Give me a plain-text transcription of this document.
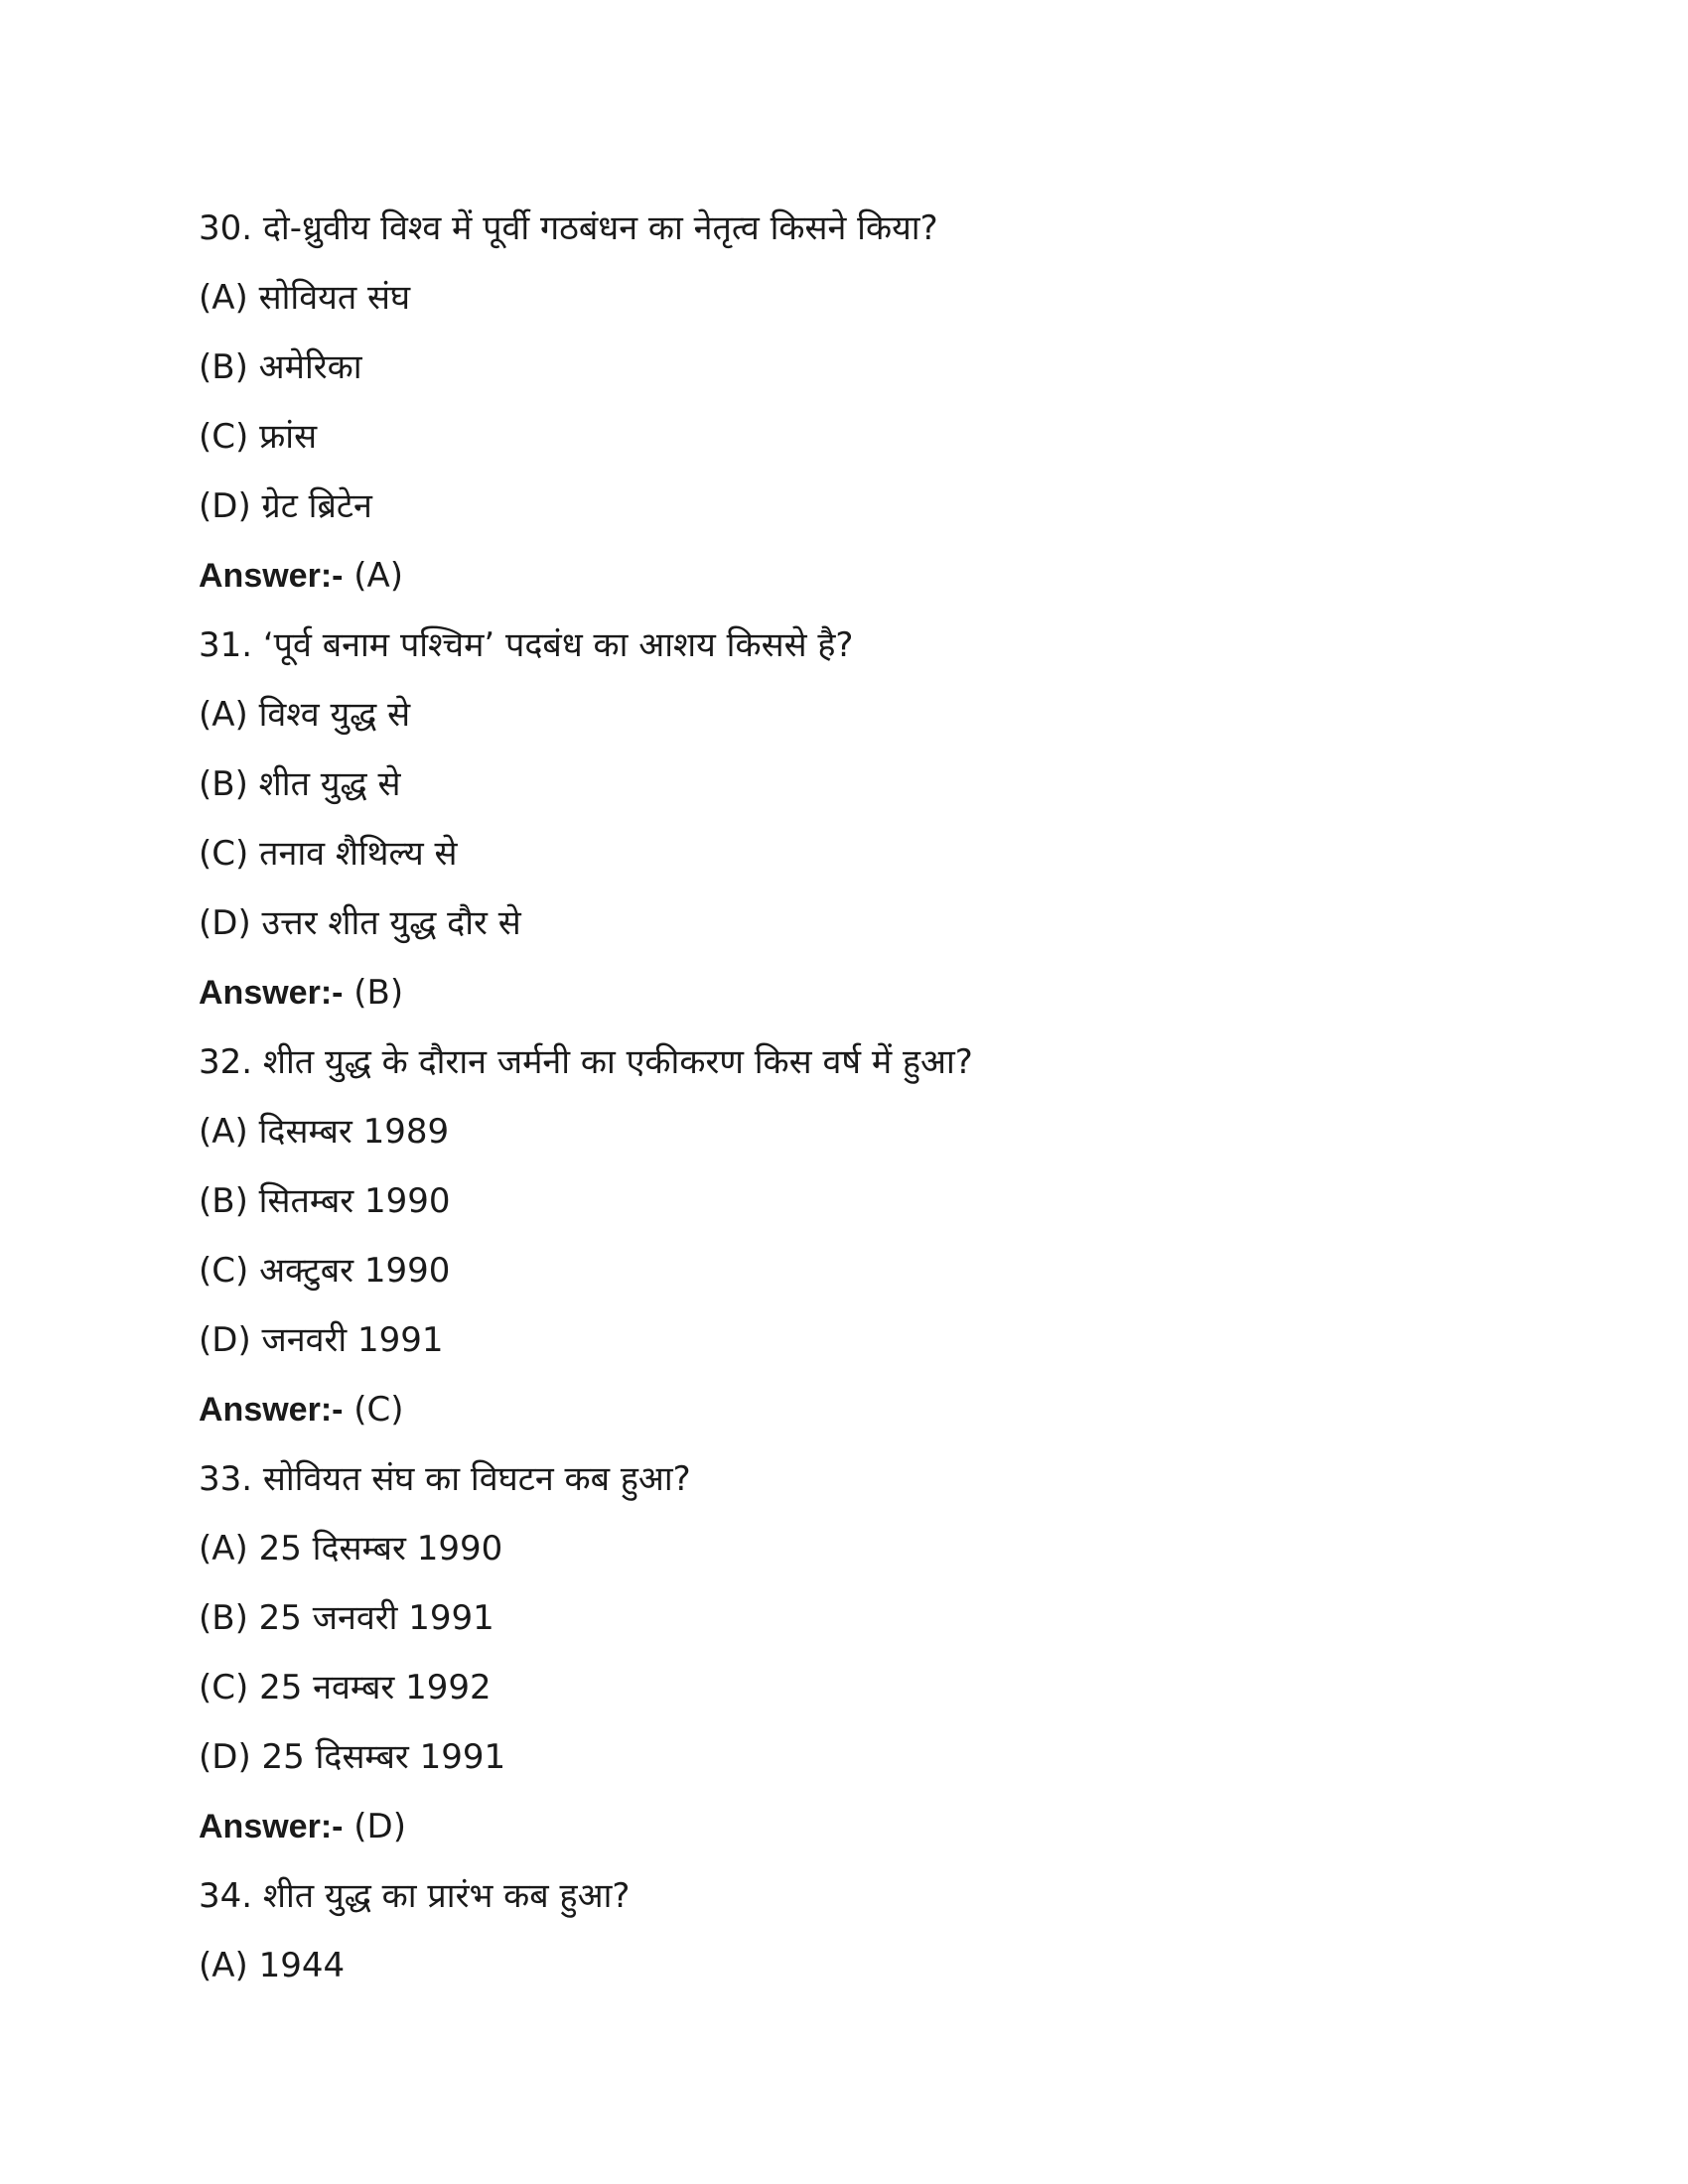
30. दो-ध्रुवीय विश्व में पूर्वी गठबंधन का नेतृत्व किसने किया?
(A) सोवियत संघ
(B) अमेरिका
(C) फ्रांस
(D) ग्रेट ब्रिटेन
Answer:- (A)
31. ‘पूर्व बनाम पश्चिम’ पदबंध का आशय किससे है?
(A) विश्व युद्ध से
(B) शीत युद्ध से
(C) तनाव शैथिल्य से
(D) उत्तर शीत युद्ध दौर से
Answer:- (B)
32. शीत युद्ध के दौरान जर्मनी का एकीकरण किस वर्ष में हुआ?
(A) दिसम्बर 1989
(B) सितम्बर 1990
(C) अक्टुबर 1990
(D) जनवरी 1991
Answer:- (C)
33. सोवियत संघ का विघटन कब हुआ?
(A) 25 दिसम्बर 1990
(B) 25 जनवरी 1991
(C) 25 नवम्बर 1992
(D) 25 दिसम्बर 1991
Answer:- (D)
34. शीत युद्ध का प्रारंभ कब हुआ?
(A) 1944
